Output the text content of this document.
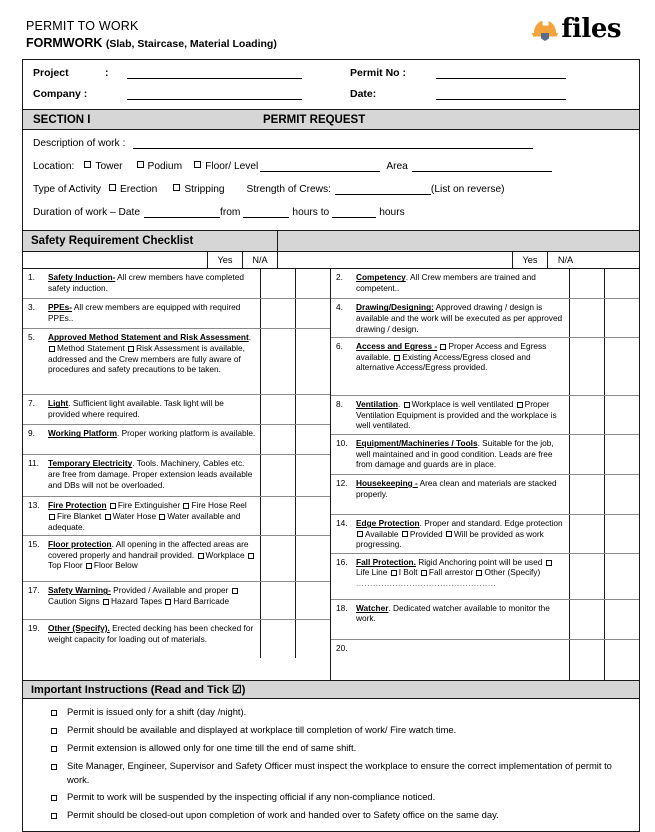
PERMIT TO WORK
FORMWORK (Slab, Staircase, Material Loading)	files
Project	:	Permit No :
Company :	Date:
SECTION I	PERMIT REQUEST
Description of work :
Location:	Tower	Podium	Floor/ Level	Area
Type of Activity	Erection	Stripping Strength of Crews:	(List on reverse)
Duration of work – Date	from	hours to	hours
Safety Requirement Checklist
Yes	N/A	Yes	N/A
1.	Safety Induction- All crew members have completed safety induction.
3.	PPEs- All crew members are equipped with required PPEs..
5.	Approved Method Statement and Risk Assessment. Method Statement Risk Assessment is available, addressed and the Crew members are fully aware of procedures and safety precautions to be taken.
7.	Light. Sufficient light available. Task light will be provided where required.
9.	Working Platform. Proper working platform is available.
11.	Temporary Electricity. Tools. Machinery, Cables etc. are free from damage. Proper extension leads available and DBs will not be overloaded.
13.	Fire Protection Fire Extinguisher Fire Hose Reel Fire Blanket Water Hose Water available and adequate.
15.	Floor protection. All opening in the affected areas are covered properly and handrail provided. Workplace Top Floor Floor Below
17.	Safety Warning- Provided / Available and proper Caution Signs Hazard Tapes Hard Barricade
19.	Other (Specify). Erected decking has been checked for weight capacity for loading out of materials.
2.	Competency. All Crew members are trained and competent..
4.	Drawing/Designing: Approved drawing / design is available and the work will be executed as per approved drawing / design.
6.	Access and Egress - Proper Access and Egress available. Existing Access/Egress closed and alternative Access/Egress provided.
8.	Ventilation. Workplace is well ventilated Proper Ventilation Equipment is provided and the workplace is well ventilated.
10.	Equipment/Machineries / Tools. Suitable for the job, well maintained and in good condition. Leads are free from damage and guards are in place.
12.	Housekeeping - Area clean and materials are stacked properly.
14.	Edge Protection. Proper and standard. Edge protection Available Provided Will be provided as work progressing.
16.	Fall Protection. Rigid Anchoring point will be used Life Line I Bolt Fall arrestor Other (Specify) ..................................................
18.	Watcher. Dedicated watcher available to monitor the work.
20.
Important Instructions (Read and Tick ☑)
Permit is issued only for a shift (day /night).
Permit should be available and displayed at workplace till completion of work/ Fire watch time.
Permit extension is allowed only for one time till the end of same shift.
Site Manager, Engineer, Supervisor and Safety Officer must inspect the workplace to ensure the correct implementation of permit to work.
Permit to work will be suspended by the inspecting official if any non-compliance noticed.
Permit should be closed-out upon completion of work and handed over to Safety office on the same day.
